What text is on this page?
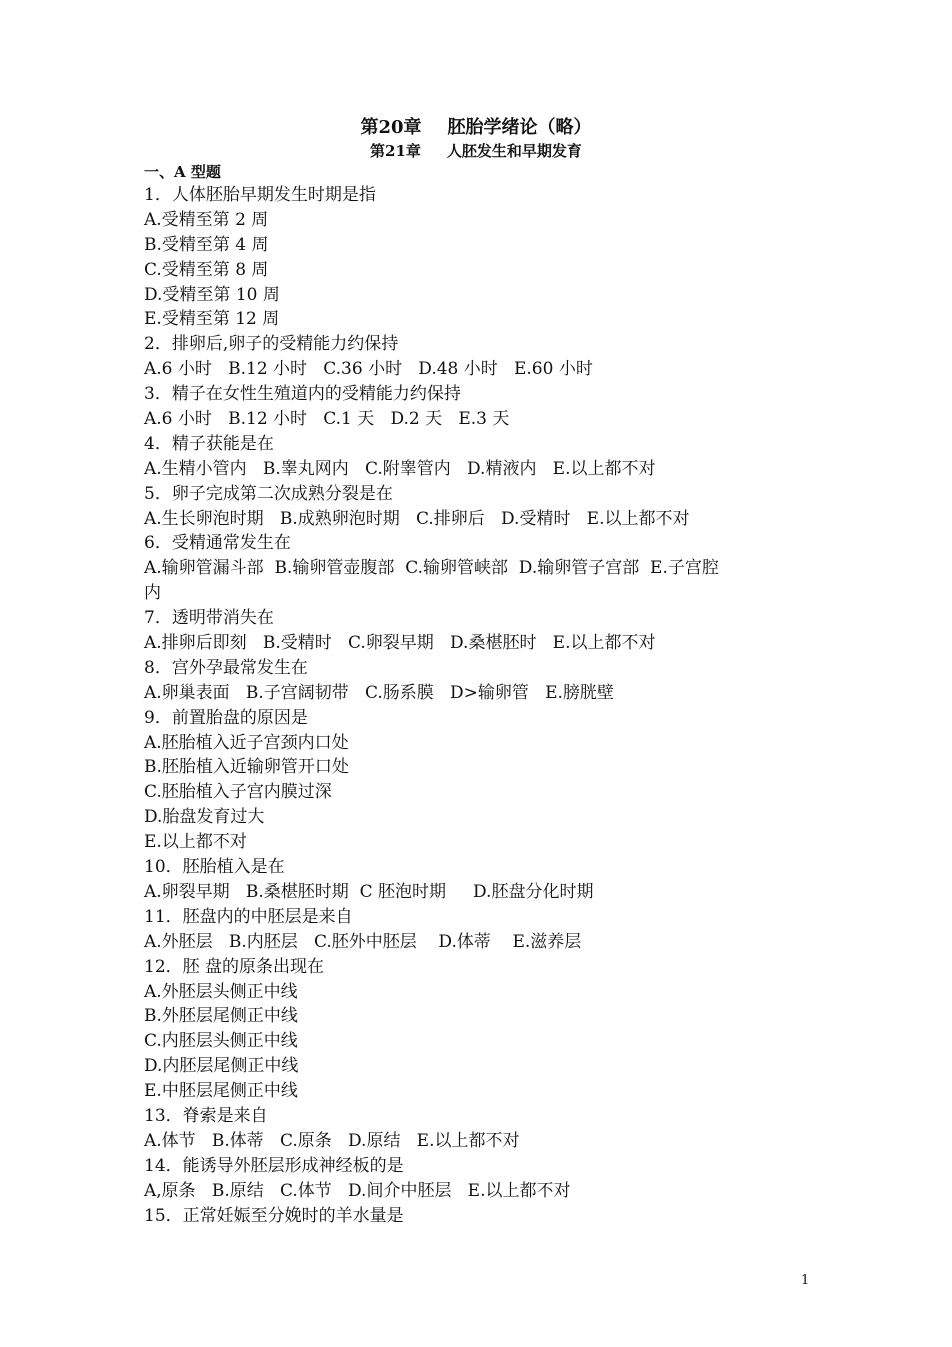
第20章 胚胎学绪论（略）
第21章 人胚发生和早期发育
一、A 型题
1．人体胚胎早期发生时期是指
A.受精至第 2 周
B.受精至第 4 周
C.受精至第 8 周
D.受精至第 10 周
E.受精至第 12 周
2．排卵后,卵子的受精能力约保持
A.6 小时   B.12 小时   C.36 小时   D.48 小时   E.60 小时
3．精子在女性生殖道内的受精能力约保持
A.6 小时   B.12 小时   C.1 天   D.2 天   E.3 天
4．精子获能是在
A.生精小管内   B.睾丸网内   C.附睾管内   D.精液内   E.以上都不对
5．卵子完成第二次成熟分裂是在
A.生长卵泡时期   B.成熟卵泡时期   C.排卵后   D.受精时   E.以上都不对
6．受精通常发生在
A.输卵管漏斗部  B.输卵管壶腹部  C.输卵管峡部  D.输卵管子宫部  E.子宫腔
内
7．透明带消失在
A.排卵后即刻   B.受精时   C.卵裂早期   D.桑椹胚时   E.以上都不对
8．宫外孕最常发生在
A.卵巢表面   B.子宫阔韧带   C.肠系膜   D>输卵管   E.膀胱壁
9．前置胎盘的原因是
A.胚胎植入近子宫颈内口处
B.胚胎植入近输卵管开口处
C.胚胎植入子宫内膜过深
D.胎盘发育过大
E.以上都不对
10．胚胎植入是在
A.卵裂早期   B.桑椹胚时期  C 胚泡时期     D.胚盘分化时期
11．胚盘内的中胚层是来自
A.外胚层   B.内胚层   C.胚外中胚层    D.体蒂    E.滋养层
12．胚 盘的原条出现在
A.外胚层头侧正中线
B.外胚层尾侧正中线
C.内胚层头侧正中线
D.内胚层尾侧正中线
E.中胚层尾侧正中线
13．脊索是来自
A.体节   B.体蒂   C.原条   D.原结   E.以上都不对
14．能诱导外胚层形成神经板的是
A,原条   B.原结   C.体节   D.间介中胚层   E.以上都不对
15．正常妊娠至分娩时的羊水量是
1
